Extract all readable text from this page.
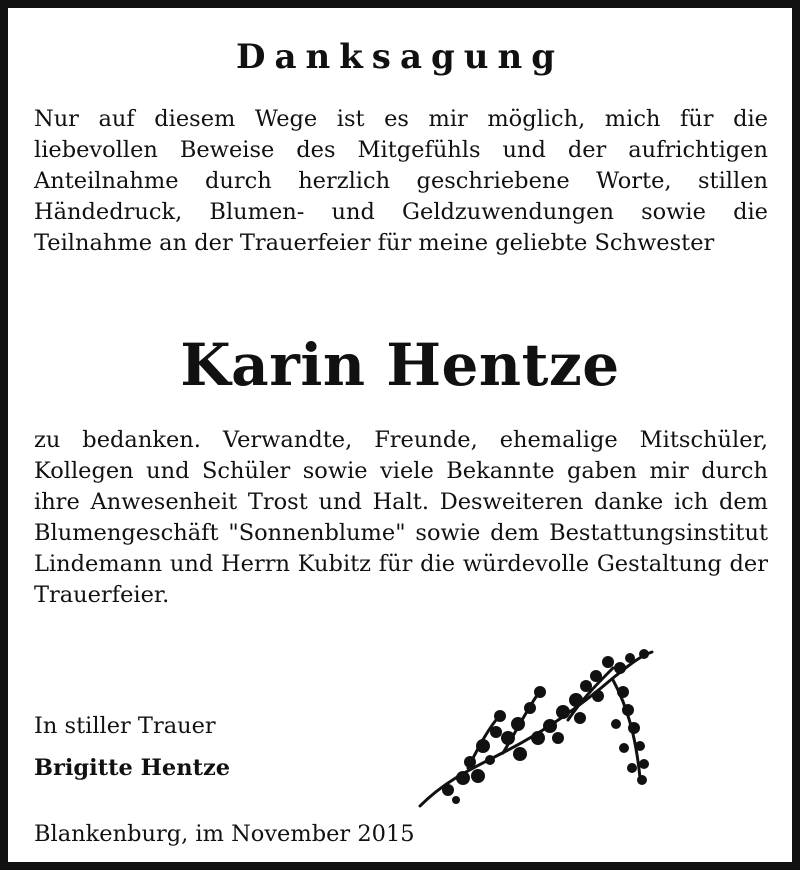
Danksagung

Nur auf diesem Wege ist es mir möglich, mich für die liebevollen Beweise des Mitgefühls und der aufrichtigen Anteilnahme durch herzlich geschriebene Worte, stillen Händedruck, Blumen- und Geldzuwendungen sowie die Teilnahme an der Trauerfeier für meine geliebte Schwester

Karin Hentze

zu bedanken. Verwandte, Freunde, ehemalige Mitschüler, Kollegen und Schüler sowie viele Bekannte gaben mir durch ihre Anwesenheit Trost und Halt. Desweiteren danke ich dem Blumengeschäft "Sonnenblume" sowie dem Bestattungsinstitut Lindemann und Herrn Kubitz für die würdevolle Gestaltung der Trauerfeier.

In stiller Trauer
Brigitte Hentze
Blankenburg, im November 2015
